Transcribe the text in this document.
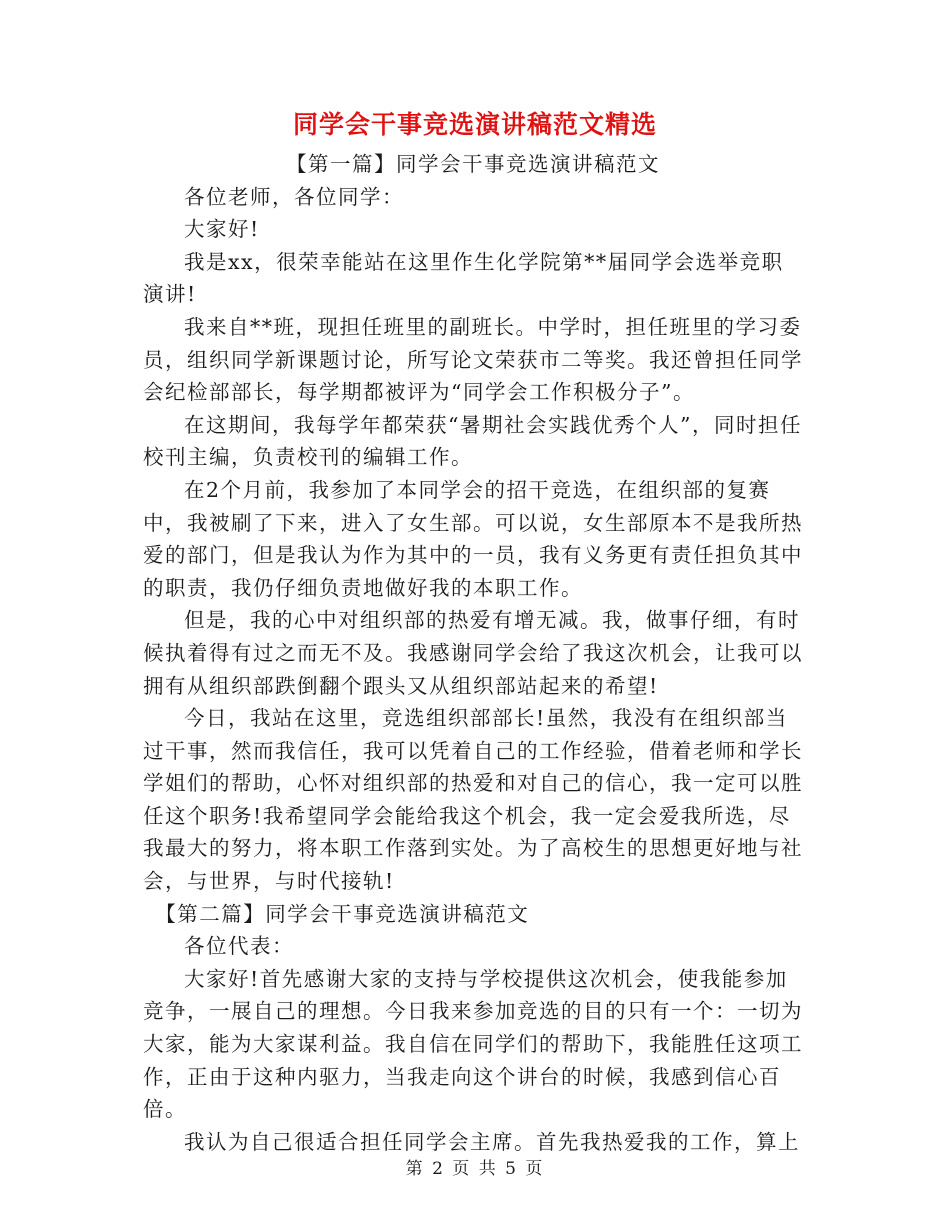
同学会干事竞选演讲稿范文精选

【第一篇】同学会干事竞选演讲稿范文

各位老师，各位同学：

大家好!

我是xx，很荣幸能站在这里作生化学院第**届同学会选举竞职演讲!

我来自**班，现担任班里的副班长。中学时，担任班里的学习委员，组织同学新课题讨论，所写论文荣获市二等奖。我还曾担任同学会纪检部部长，每学期都被评为“同学会工作积极分子”。

在这期间，我每学年都荣获“暑期社会实践优秀个人”，同时担任校刊主编，负责校刊的编辑工作。

在2个月前，我参加了本同学会的招干竞选，在组织部的复赛中，我被刷了下来，进入了女生部。可以说，女生部原本不是我所热爱的部门，但是我认为作为其中的一员，我有义务更有责任担负其中的职责，我仍仔细负责地做好我的本职工作。

但是，我的心中对组织部的热爱有增无减。我，做事仔细，有时候执着得有过之而无不及。我感谢同学会给了我这次机会，让我可以拥有从组织部跌倒翻个跟头又从组织部站起来的希望!

今日，我站在这里，竞选组织部部长!虽然，我没有在组织部当过干事，然而我信任，我可以凭着自己的工作经验，借着老师和学长学姐们的帮助，心怀对组织部的热爱和对自己的信心，我一定可以胜任这个职务!我希望同学会能给我这个机会，我一定会爱我所选，尽我最大的努力，将本职工作落到实处。为了高校生的思想更好地与社会，与世界，与时代接轨!

【第二篇】同学会干事竞选演讲稿范文

各位代表：

大家好!首先感谢大家的支持与学校提供这次机会，使我能参加竞争，一展自己的理想。今日我来参加竞选的目的只有一个：一切为大家，能为大家谋利益。我自信在同学们的帮助下，我能胜任这项工作，正由于这种内驱力，当我走向这个讲台的时候，我感到信心百倍。

我认为自己很适合担任同学会主席。首先我热爱我的工作，算上

第 2 页 共 5 页
